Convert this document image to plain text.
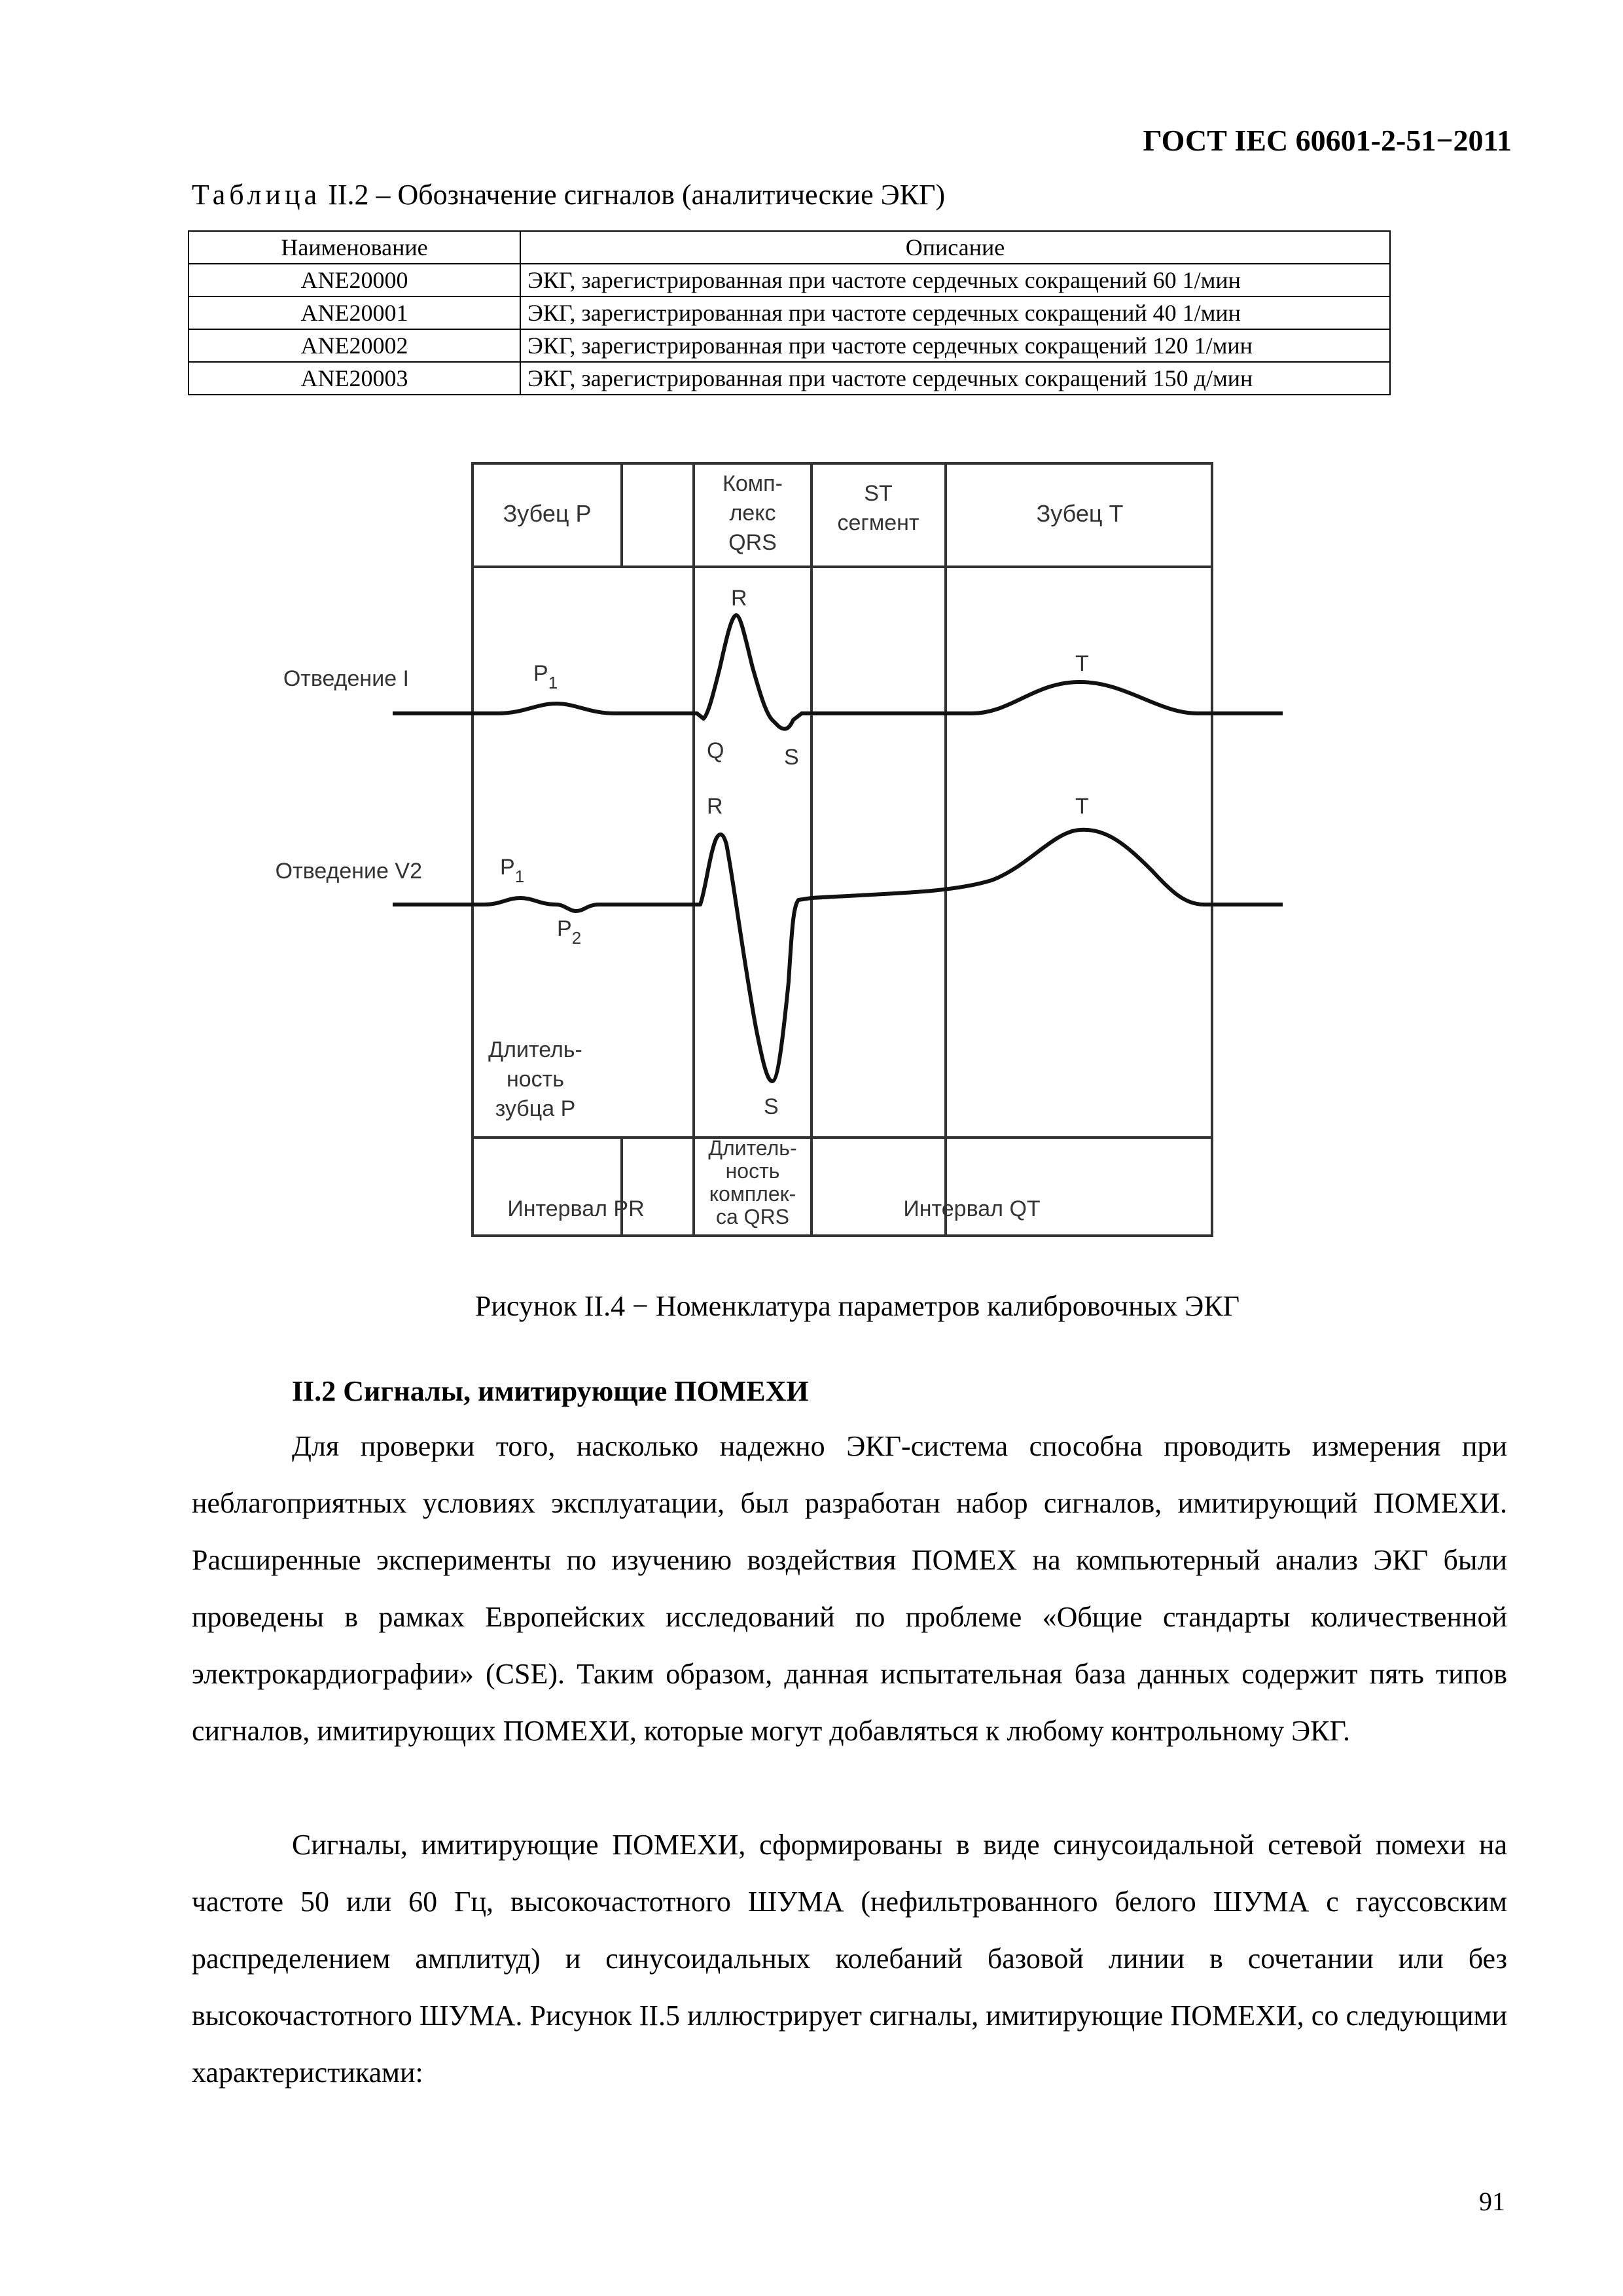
ГОСТ IEC 60601-2-51−2011
Таблица II.2 – Обозначение сигналов (аналитические ЭКГ)
Наименование	Описание
ANE20000	ЭКГ, зарегистрированная при частоте сердечных сокращений 60 1/мин
ANE20001	ЭКГ, зарегистрированная при частоте сердечных сокращений 40 1/мин
ANE20002	ЭКГ, зарегистрированная при частоте сердечных сокращений 120 1/мин
ANE20003	ЭКГ, зарегистрированная при частоте сердечных сокращений 150 д/мин
Зубец P
Комп-
лекс
QRS
ST
сегмент	Зубец T
Отведение I
Отведение V2
$P_1$
R
Q	S
T
$P_1$
$P_2$
R
S
T
Длитель-
ность
зубца P
Интервал PR
Длитель-
ность
комплек-
са QRS	Интервал QT
Рисунок II.4 − Номенклатура параметров калибровочных ЭКГ
II.2 Сигналы, имитирующие ПОМЕХИ

Для проверки того, насколько надежно ЭКГ-система способна проводить измерения при неблагоприятных условиях эксплуатации, был разработан набор сигналов, имитирующий ПОМЕХИ. Расширенные эксперименты по изучению воздействия ПОМЕХ на компьютерный анализ ЭКГ были проведены в рамках Европейских исследований по проблеме «Общие стандарты количественной электрокардиографии» (CSE). Таким образом, данная испытательная база данных содержит пять типов сигналов, имитирующих ПОМЕХИ, которые могут добавляться к любому контрольному ЭКГ.

Сигналы, имитирующие ПОМЕХИ, сформированы в виде синусоидальной сетевой помехи на частоте 50 или 60 Гц, высокочастотного ШУМА (нефильтрованного белого ШУМА с гауссовским распределением амплитуд) и синусоидальных колебаний базовой линии в сочетании или без высокочастотного ШУМА. Рисунок II.5 иллюстрирует сигналы, имитирующие ПОМЕХИ, со следующими характеристиками:

91
